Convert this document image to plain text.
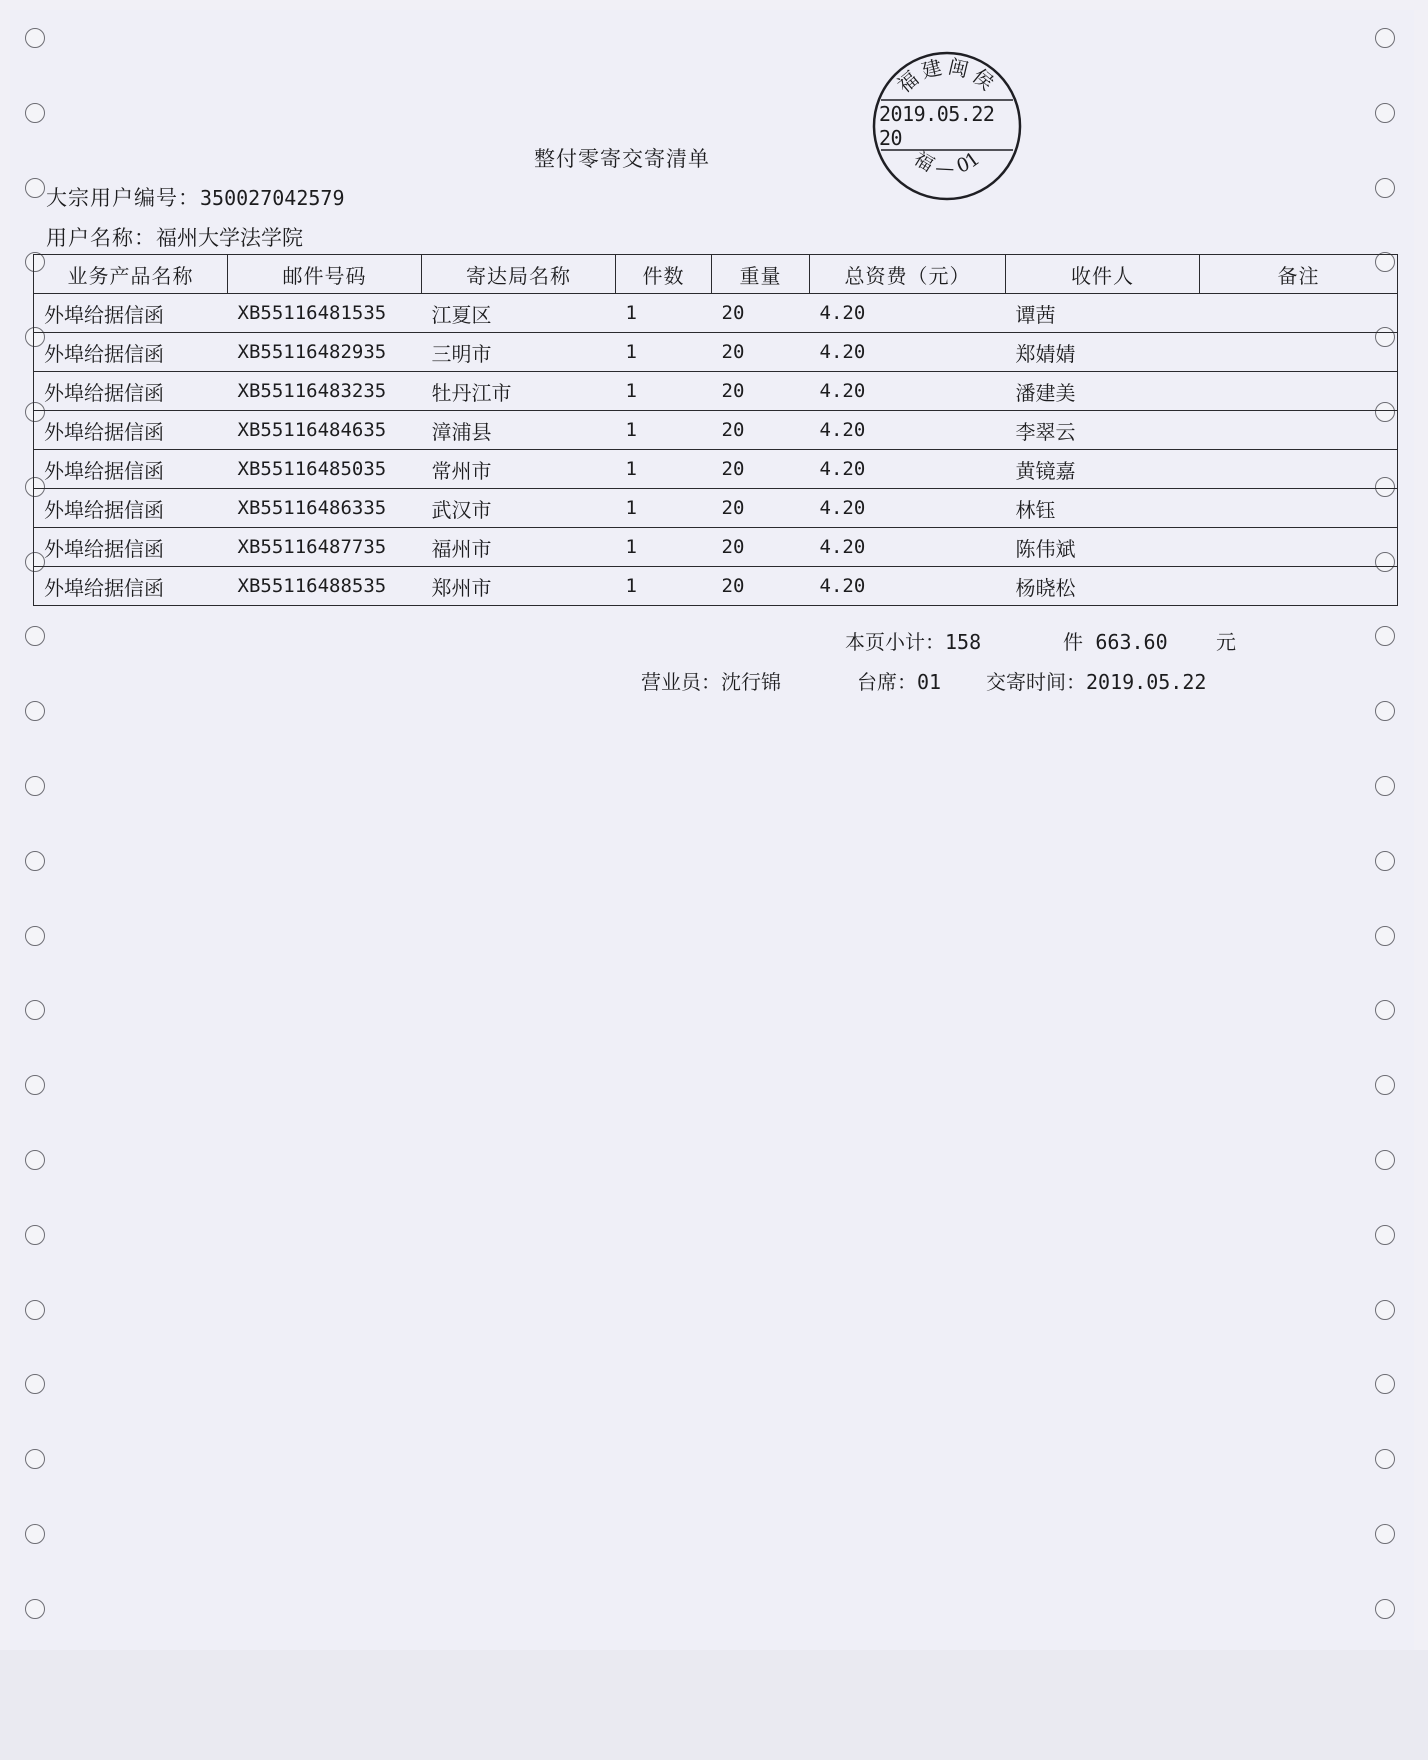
福建闽侯
福 — 01
2019.05.22 20
整付零寄交寄清单
大宗用户编号：350027042579
用户名称：福州大学法学院
业务产品名称	邮件号码	寄达局名称	件数	重量	总资费（元）	收件人	备注
外埠给据信函	XB55116481535	江夏区	1	20	4.20	谭茜	
外埠给据信函	XB55116482935	三明市	1	20	4.20	郑婧婧	
外埠给据信函	XB55116483235	牡丹江市	1	20	4.20	潘建美	
外埠给据信函	XB55116484635	漳浦县	1	20	4.20	李翠云	
外埠给据信函	XB55116485035	常州市	1	20	4.20	黄镜嘉	
外埠给据信函	XB55116486335	武汉市	1	20	4.20	林钰	
外埠给据信函	XB55116487735	福州市	1	20	4.20	陈伟斌	
外埠给据信函	XB55116488535	郑州市	1	20	4.20	杨晓松	
本页小计：158	件 663.60 元
营业员：沈行锦	台席：01 交寄时间：2019.05.22
